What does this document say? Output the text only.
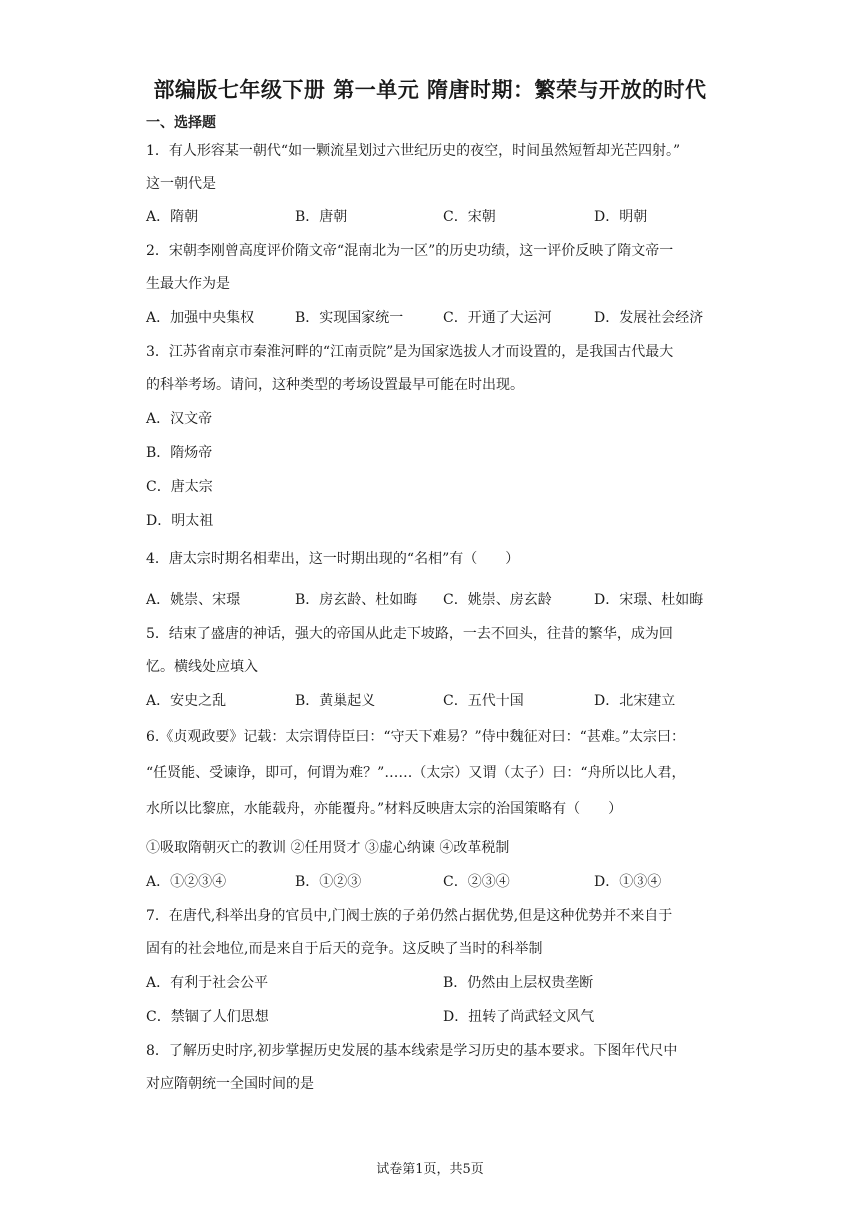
部编版七年级下册 第一单元 隋唐时期：繁荣与开放的时代
一、选择题
1．有人形容某一朝代“如一颗流星划过六世纪历史的夜空，时间虽然短暂却光芒四射。”
这一朝代是
A．隋朝	B．唐朝	C．宋朝	D．明朝
2．宋朝李刚曾高度评价隋文帝“混南北为一区”的历史功绩，这一评价反映了隋文帝一
生最大作为是
A．加强中央集权	B．实现国家统一	C．开通了大运河	D．发展社会经济
3．江苏省南京市秦淮河畔的“江南贡院”是为国家选拔人才而设置的，是我国古代最大
的科举考场。请问，这种类型的考场设置最早可能在时出现。
A．汉文帝
B．隋炀帝
C．唐太宗
D．明太祖
4．唐太宗时期名相辈出，这一时期出现的“名相”有（　　）
A．姚崇、宋璟	B．房玄龄、杜如晦 C．姚崇、房玄龄	D．宋璟、杜如晦
5．结束了盛唐的神话，强大的帝国从此走下坡路，一去不回头，往昔的繁华，成为回
忆。横线处应填入
A．安史之乱	B．黄巢起义	C．五代十国	D．北宋建立
6.《贞观政要》记载：太宗谓侍臣曰：“守天下难易？”侍中魏征对曰：“甚难。”太宗曰：
“任贤能、受谏诤，即可，何谓为难？”……（太宗）又谓（太子）曰：“舟所以比人君，
水所以比黎庶，水能载舟，亦能覆舟。”材料反映唐太宗的治国策略有（　　）
①吸取隋朝灭亡的教训 ②任用贤才 ③虚心纳谏 ④改革税制
A．①②③④	B．①②③	C．②③④	D．①③④
7．在唐代,科举出身的官员中,门阀士族的子弟仍然占据优势,但是这种优势并不来自于
固有的社会地位,而是来自于后天的竞争。这反映了当时的科举制
A．有利于社会公平	B．仍然由上层权贵垄断
C．禁锢了人们思想	D．扭转了尚武轻文风气
8．了解历史时序,初步掌握历史发展的基本线索是学习历史的基本要求。下图年代尺中
对应隋朝统一全国时间的是
试卷第1页，共5页
